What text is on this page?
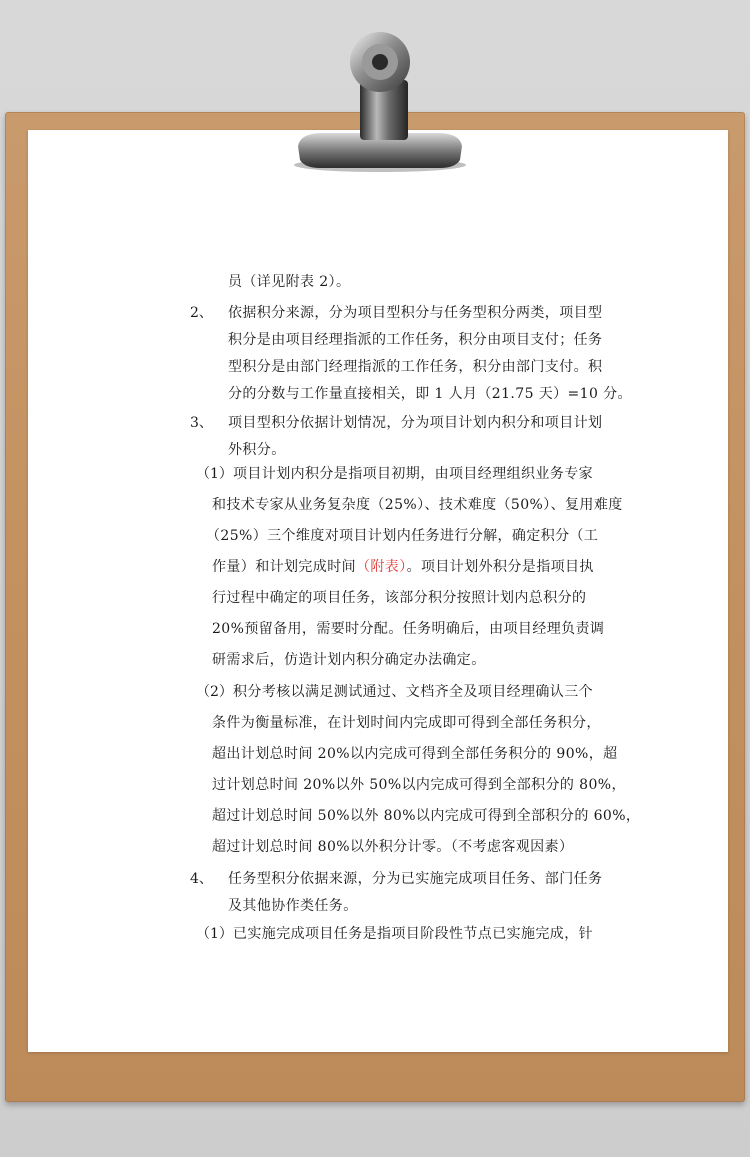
员（详见附表 2）。
2、 依据积分来源，分为项目型积分与任务型积分两类，项目型
积分是由项目经理指派的工作任务，积分由项目支付；任务
型积分是由部门经理指派的工作任务，积分由部门支付。积
分的分数与工作量直接相关，即 1 人月（21.75 天）=10 分。
3、 项目型积分依据计划情况，分为项目计划内积分和项目计划
外积分。
（1） 项目计划内积分是指项目初期，由项目经理组织业务专家
和技术专家从业务复杂度（25%）、技术难度（50%）、复用难度
（25%）三个维度对项目计划内任务进行分解，确定积分（工
作量）和计划完成时间（附表）。项目计划外积分是指项目执
行过程中确定的项目任务，该部分积分按照计划内总积分的
20%预留备用，需要时分配。任务明确后，由项目经理负责调
研需求后，仿造计划内积分确定办法确定。
（2） 积分考核以满足测试通过、文档齐全及项目经理确认三个
条件为衡量标准，在计划时间内完成即可得到全部任务积分，
超出计划总时间 20%以内完成可得到全部任务积分的 90%，超
过计划总时间 20%以外 50%以内完成可得到全部积分的 80%，
超过计划总时间 50%以外 80%以内完成可得到全部积分的 60%，
超过计划总时间 80%以外积分计零。（不考虑客观因素）
4、 任务型积分依据来源，分为已实施完成项目任务、部门任务
及其他协作类任务。
（1） 已实施完成项目任务是指项目阶段性节点已实施完成，针
